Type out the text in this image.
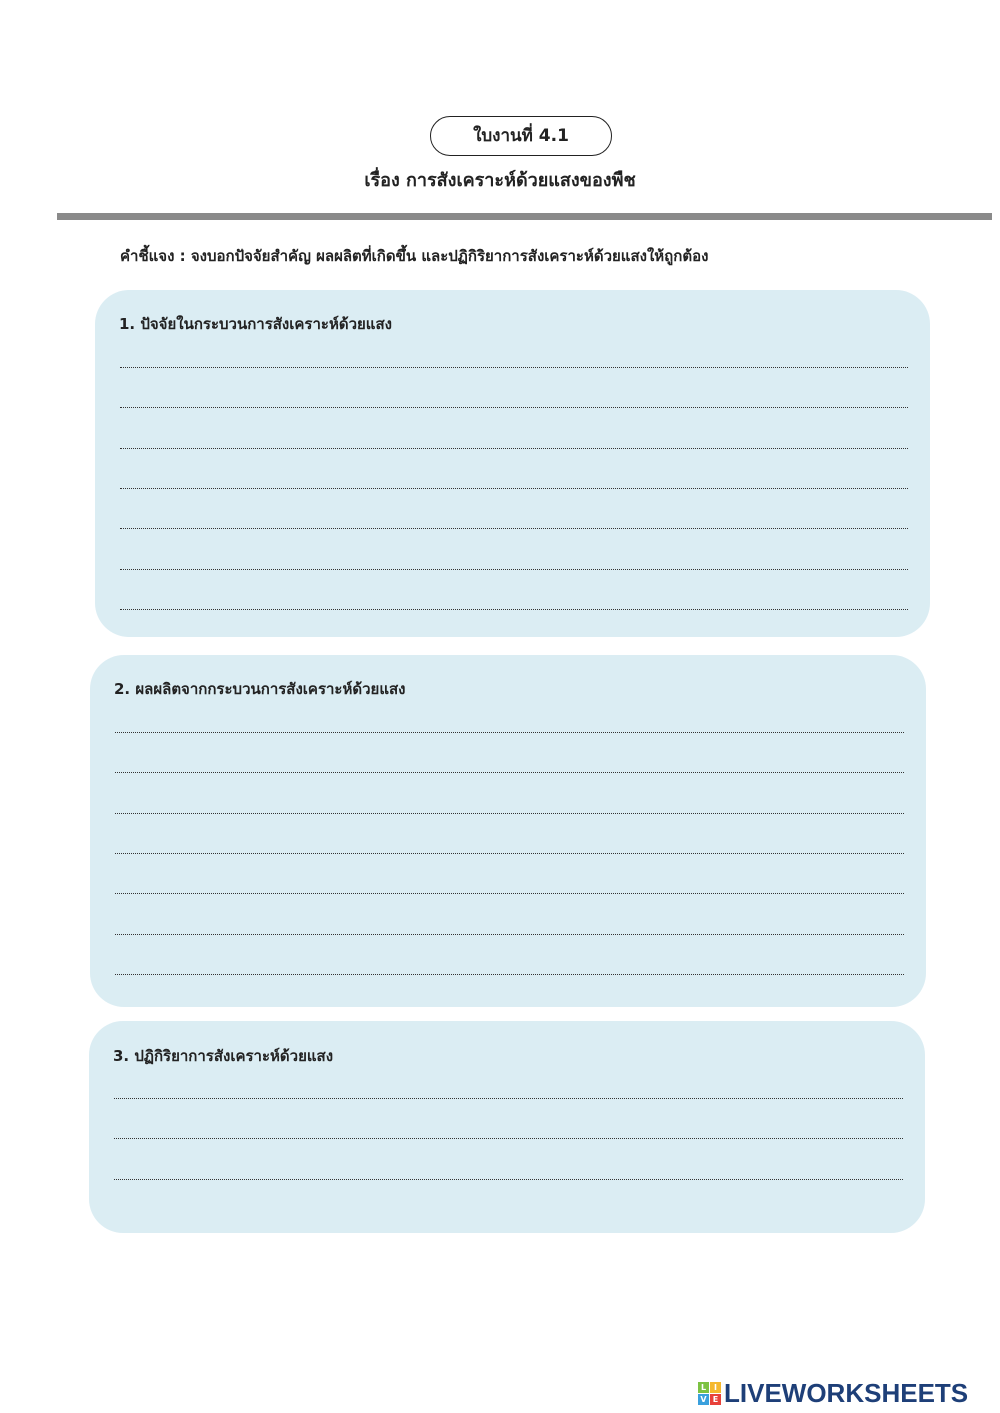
ใบงานที่ 4.1
เรื่อง การสังเคราะห์ด้วยแสงของพืช
คำชี้แจง : จงบอกปัจจัยสำคัญ ผลผลิตที่เกิดขึ้น และปฏิกิริยาการสังเคราะห์ด้วยแสงให้ถูกต้อง
1. ปัจจัยในกระบวนการสังเคราะห์ด้วยแสง
2. ผลผลิตจากกระบวนการสังเคราะห์ด้วยแสง
3. ปฏิกิริยาการสังเคราะห์ด้วยแสง
L I
V E LIVEWORKSHEETS
